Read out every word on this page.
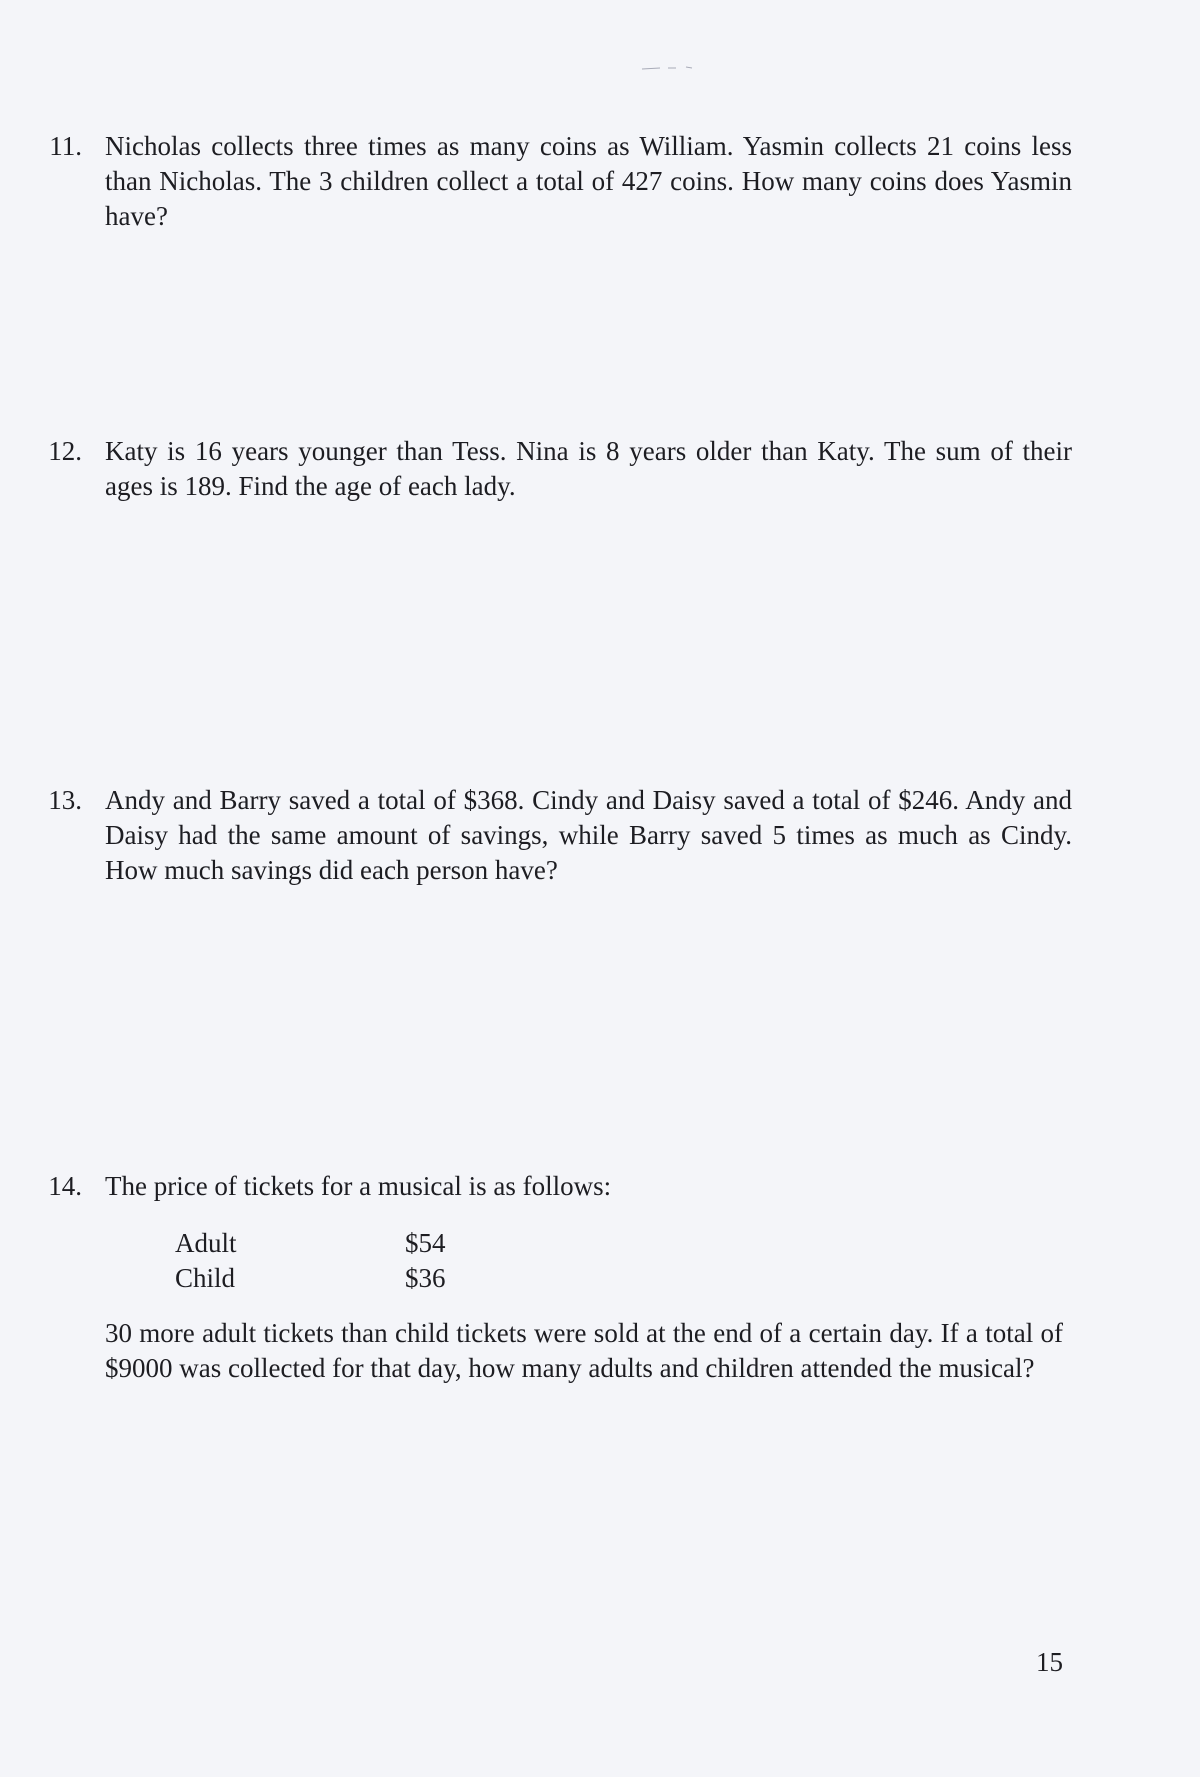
11. Nicholas collects three times as many coins as William. Yasmin collects 21 coins less than Nicholas. The 3 children collect a total of 427 coins. How many coins does Yasmin have?
12. Katy is 16 years younger than Tess. Nina is 8 years older than Katy. The sum of their ages is 189. Find the age of each lady.
13. Andy and Barry saved a total of $368. Cindy and Daisy saved a total of $246. Andy and Daisy had the same amount of savings, while Barry saved 5 times as much as Cindy. How much savings did each person have?
14. The price of tickets for a musical is as follows:
Adult	$54
Child	$36
30 more adult tickets than child tickets were sold at the end of a certain day. If a total of $9000 was collected for that day, how many adults and children attended the musical?
15
